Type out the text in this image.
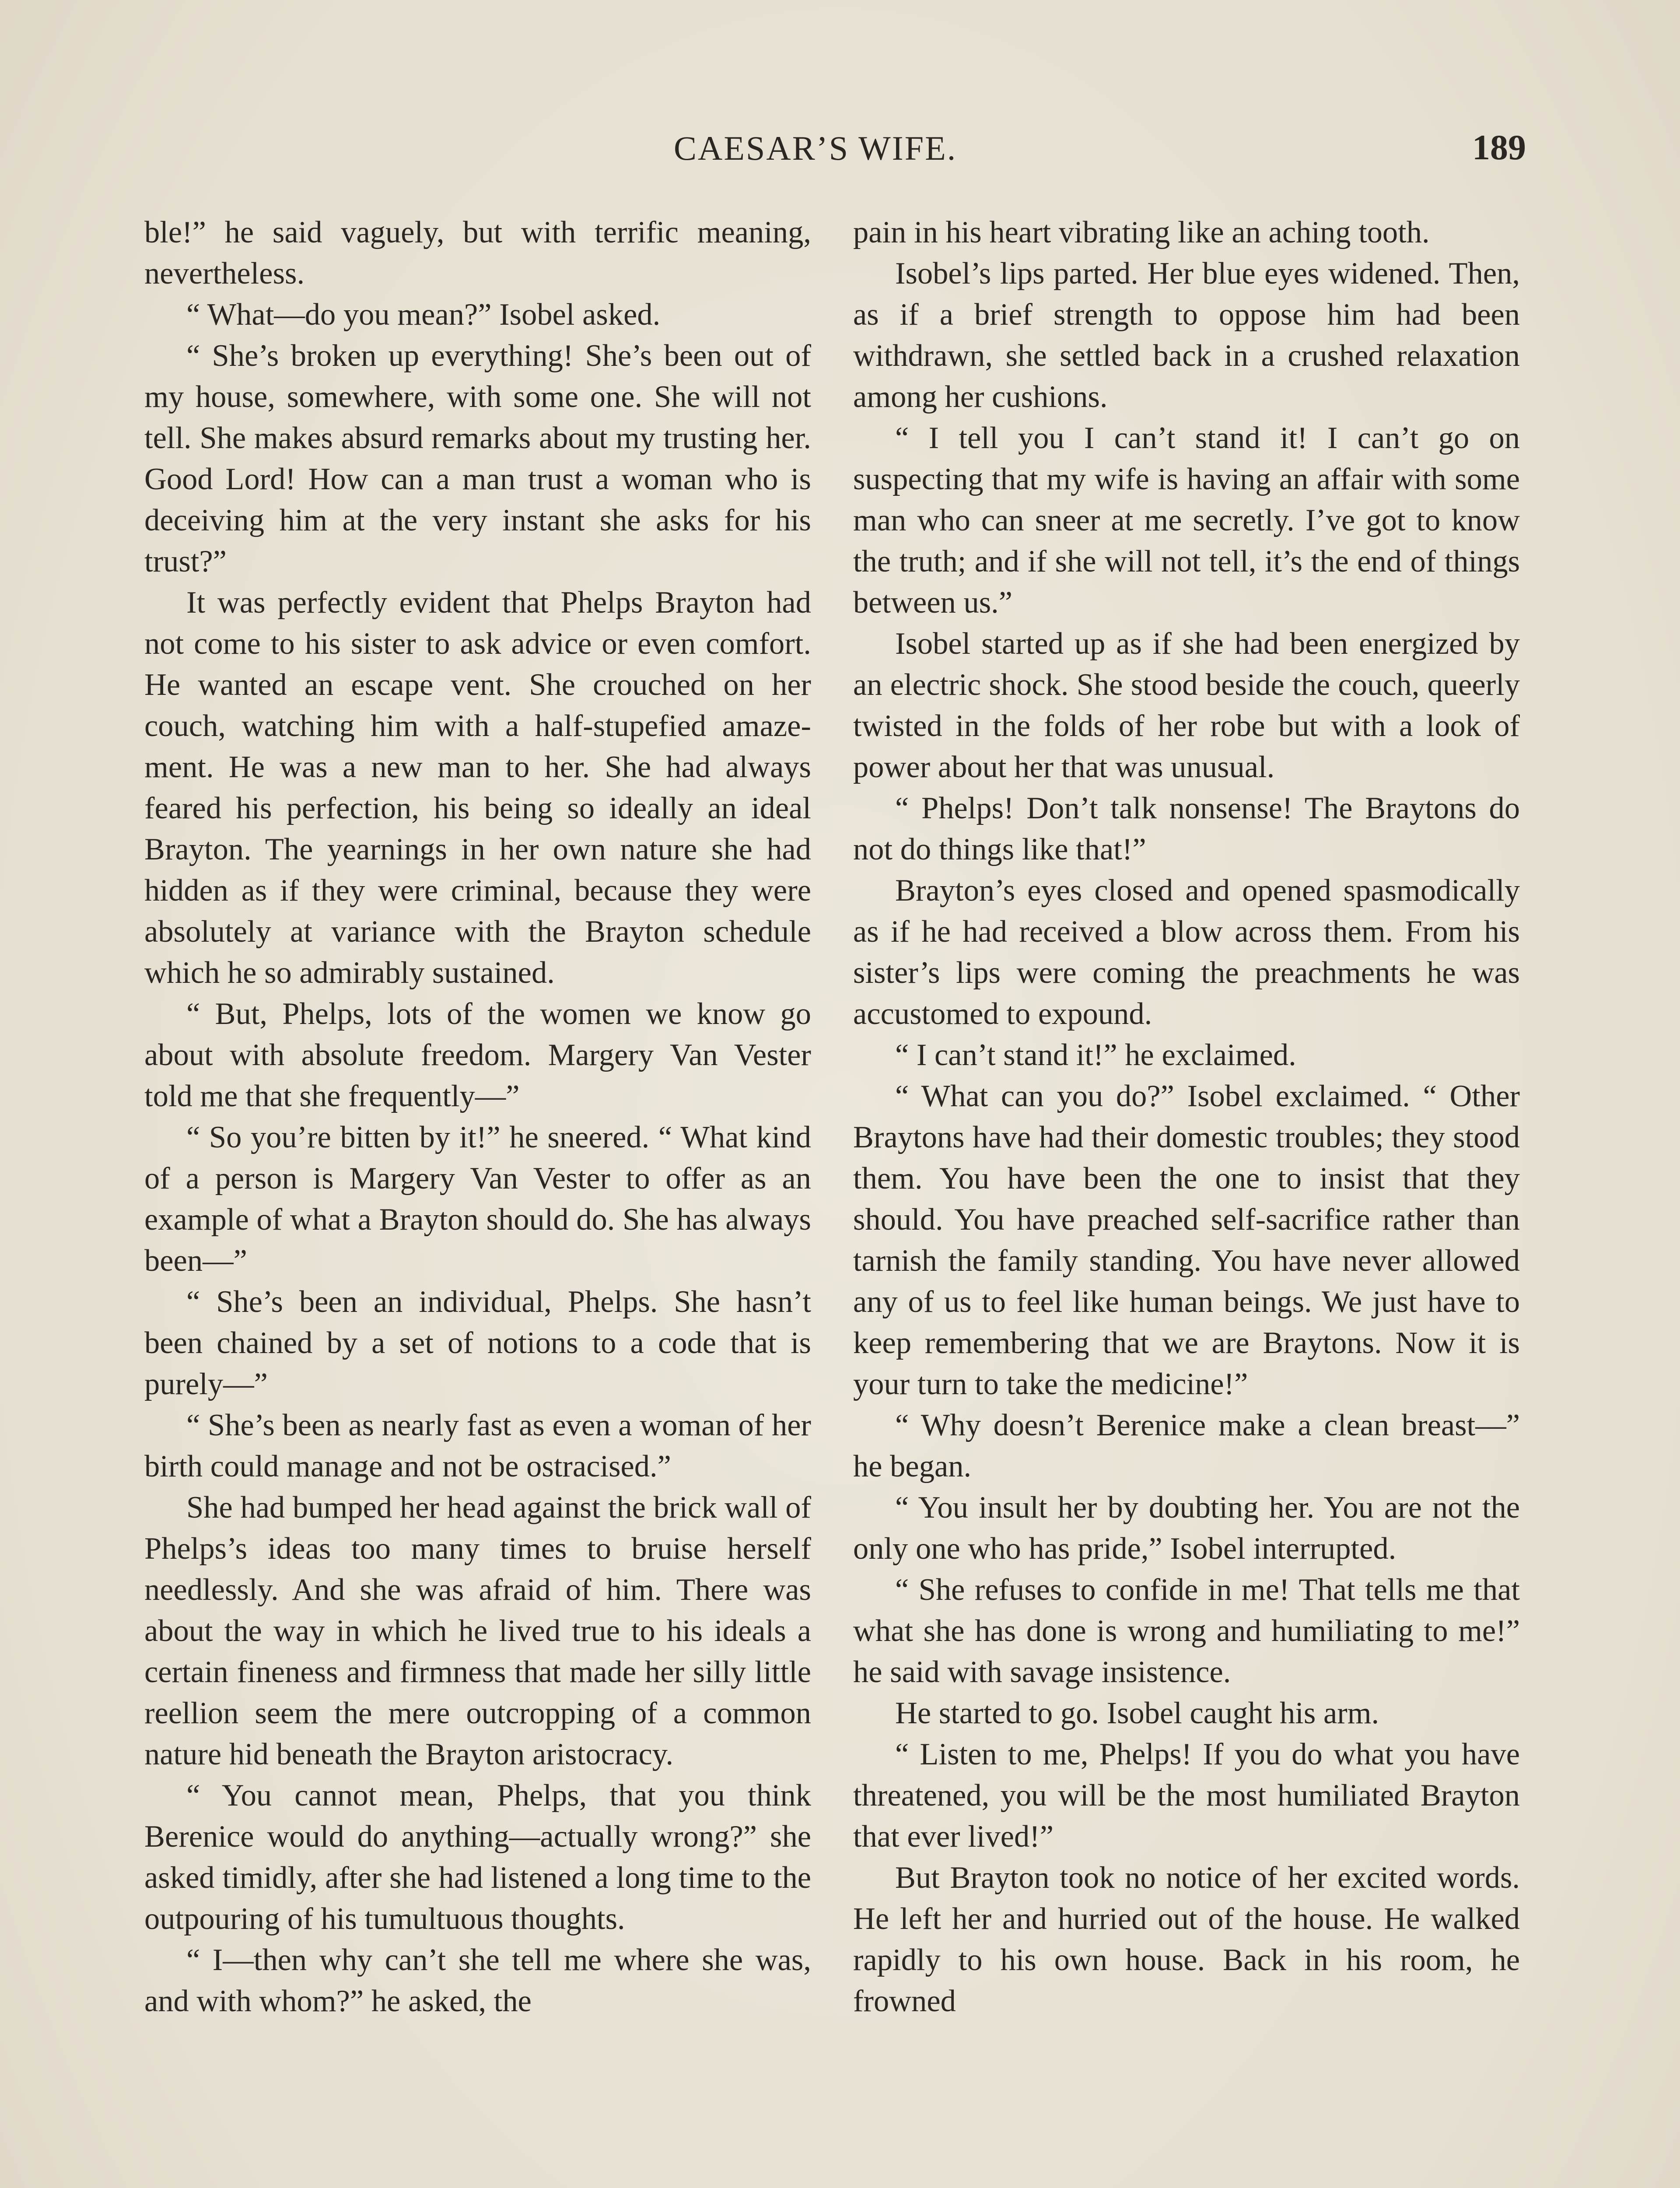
CAESAR’S WIFE.	189

ble!” he said vaguely, but with terrific meaning, nevertheless.

“ What—do you mean?” Isobel asked.

“ She’s broken up everything! She’s been out of my house, somewhere, with some one. She will not tell. She makes absurd remarks about my trusting her. Good Lord! How can a man trust a woman who is deceiving him at the very instant she asks for his trust?”

It was perfectly evident that Phelps Brayton had not come to his sister to ask advice or even comfort. He wanted an escape vent. She crouched on her couch, watching him with a half-stupefied amazement. He was a new man to her. She had always feared his perfection, his being so ideally an ideal Brayton. The yearnings in her own nature she had hidden as if they were criminal, because they were absolutely at variance with the Brayton schedule which he so admirably sustained.

“ But, Phelps, lots of the women we know go about with absolute freedom. Margery Van Vester told me that she frequently—”

“ So you’re bitten by it!” he sneered. “ What kind of a person is Margery Van Vester to offer as an example of what a Brayton should do. She has always been—”

“ She’s been an individual, Phelps. She hasn’t been chained by a set of notions to a code that is purely—”

“ She’s been as nearly fast as even a woman of her birth could manage and not be ostracised.”

She had bumped her head against the brick wall of Phelps’s ideas too many times to bruise herself needlessly. And she was afraid of him. There was about the way in which he lived true to his ideals a certain fineness and firmness that made her silly little reellion seem the mere outcropping of a common nature hid beneath the Brayton aristocracy.

“ You cannot mean, Phelps, that you think Berenice would do anything—actually wrong?” she asked timidly, after she had listened a long time to the outpouring of his tumultuous thoughts.

“ I—then why can’t she tell me where she was, and with whom?” he asked, the

pain in his heart vibrating like an aching tooth.

Isobel’s lips parted. Her blue eyes widened. Then, as if a brief strength to oppose him had been withdrawn, she settled back in a crushed relaxation among her cushions.

“ I tell you I can’t stand it! I can’t go on suspecting that my wife is having an affair with some man who can sneer at me secretly. I’ve got to know the truth; and if she will not tell, it’s the end of things between us.”

Isobel started up as if she had been energized by an electric shock. She stood beside the couch, queerly twisted in the folds of her robe but with a look of power about her that was unusual.

“ Phelps! Don’t talk nonsense! The Braytons do not do things like that!”

Brayton’s eyes closed and opened spasmodically as if he had received a blow across them. From his sister’s lips were coming the preachments he was accustomed to expound.

“ I can’t stand it!” he exclaimed.

“ What can you do?” Isobel exclaimed. “ Other Braytons have had their domestic troubles; they stood them. You have been the one to insist that they should. You have preached self-sacrifice rather than tarnish the family standing. You have never allowed any of us to feel like human beings. We just have to keep remembering that we are Braytons. Now it is your turn to take the medicine!”

“ Why doesn’t Berenice make a clean breast—” he began.

“ You insult her by doubting her. You are not the only one who has pride,” Isobel interrupted.

“ She refuses to confide in me! That tells me that what she has done is wrong and humiliating to me!” he said with savage insistence.

He started to go. Isobel caught his arm.

“ Listen to me, Phelps! If you do what you have threatened, you will be the most humiliated Brayton that ever lived!”

But Brayton took no notice of her excited words. He left her and hurried out of the house. He walked rapidly to his own house. Back in his room, he frowned
